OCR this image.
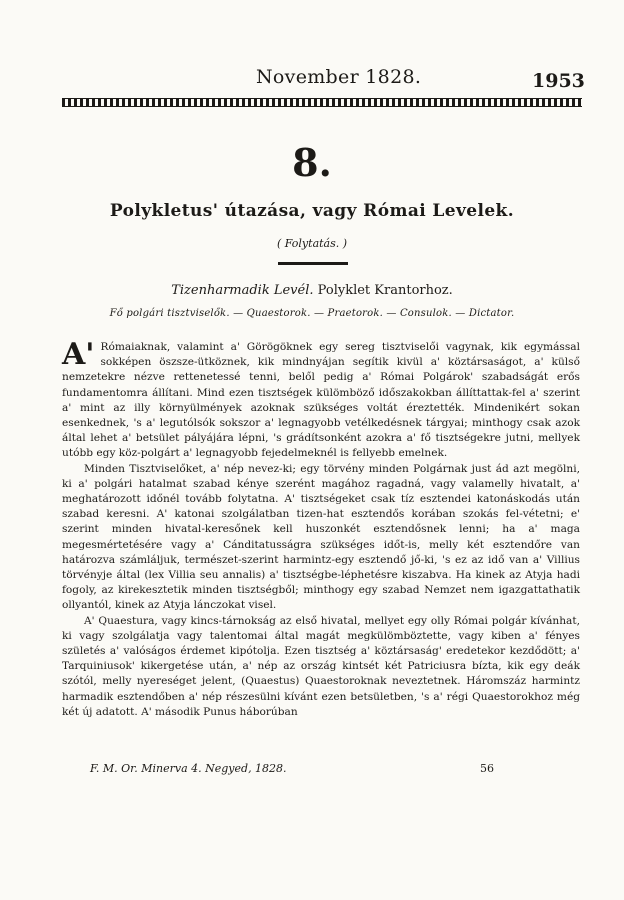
November 1828.	1953
8.
Polykletus' útazása, vagy Római Levelek.
( Folytatás. )
Tizenharmadik Levél. Polyklet Krantorhoz.
Fő polgári tisztviselők. — Quaestorok. — Praetorok. — Consulok. — Dictator.

A' Rómaiaknak, valamint a' Görögöknek egy sereg tisztviselői vagynak, kik egymással sokképen öszsze-ütköznek, kik mindnyájan segítik kivül a' köztársaságot, a' külső nemzetekre nézve rettenetessé tenni, belől pedig a' Római Polgárok' szabadságát erős fundamentomra állítani. Mind ezen tisztségek külömböző időszakokban állíttattak-fel a' szerint a' mint az illy környülmények azoknak szükséges voltát éreztették. Mindenikért sokan esenkednek, 's a' legutólsók sokszor a' legnagyobb vetélkedésnek tárgyai; minthogy csak azok által lehet a' betsület pályájára lépni, 's grádítsonként azokra a' fő tisztségekre jutni, mellyek utóbb egy köz-polgárt a' legnagyobb fejedelmeknél is fellyebb emelnek.

Minden Tisztviselőket, a' nép nevez-ki; egy törvény minden Polgárnak just ád azt megölni, ki a' polgári hatalmat szabad kénye szerént magához ragadná, vagy valamelly hivatalt, a' meghatározott időnél tovább folytatna. A' tisztségeket csak tíz esztendei katonáskodás után szabad keresni. A' katonai szolgálatban tizen-hat esztendős korában szokás fel-vétetni; e' szerint minden hivatal-keresőnek kell huszonkét esztendősnek lenni; ha a' maga megesmértetésére vagy a' Cánditatusságra szükséges időt-is, melly két esztendőre van határozva számláljuk, természet-szerint harmintz-egy esztendő jő-ki, 's ez az idő van a' Villius törvényje által (lex Villia seu annalis) a' tisztségbe-léphetésre kiszabva. Ha kinek az Atyja hadi fogoly, az kirekesztetik minden tisztségből; minthogy egy szabad Nemzet nem igazgattathatik ollyantól, kinek az Atyja lánczokat visel.

A' Quaestura, vagy kincs-tárnokság az első hivatal, mellyet egy olly Római polgár kívánhat, ki vagy szolgálatja vagy talentomai által magát megkülömböztette, vagy kiben a' fényes születés a' valóságos érdemet kipótolja. Ezen tisztség a' köztársaság' eredetekor kezdődött; a' Tarquiniusok' kikergetése után, a' nép az ország kintsét két Patriciusra bízta, kik egy deák szótól, melly nyereséget jelent, (Quaestus) Quaestoroknak neveztetnek. Háromszáz harmintz harmadik esztendőben a' nép részesülni kívánt ezen betsületben, 's a' régi Quaestorokhoz még két új adatott. A' második Punus háborúban

F. M. Or. Minerva 4. Negyed, 1828.	56
